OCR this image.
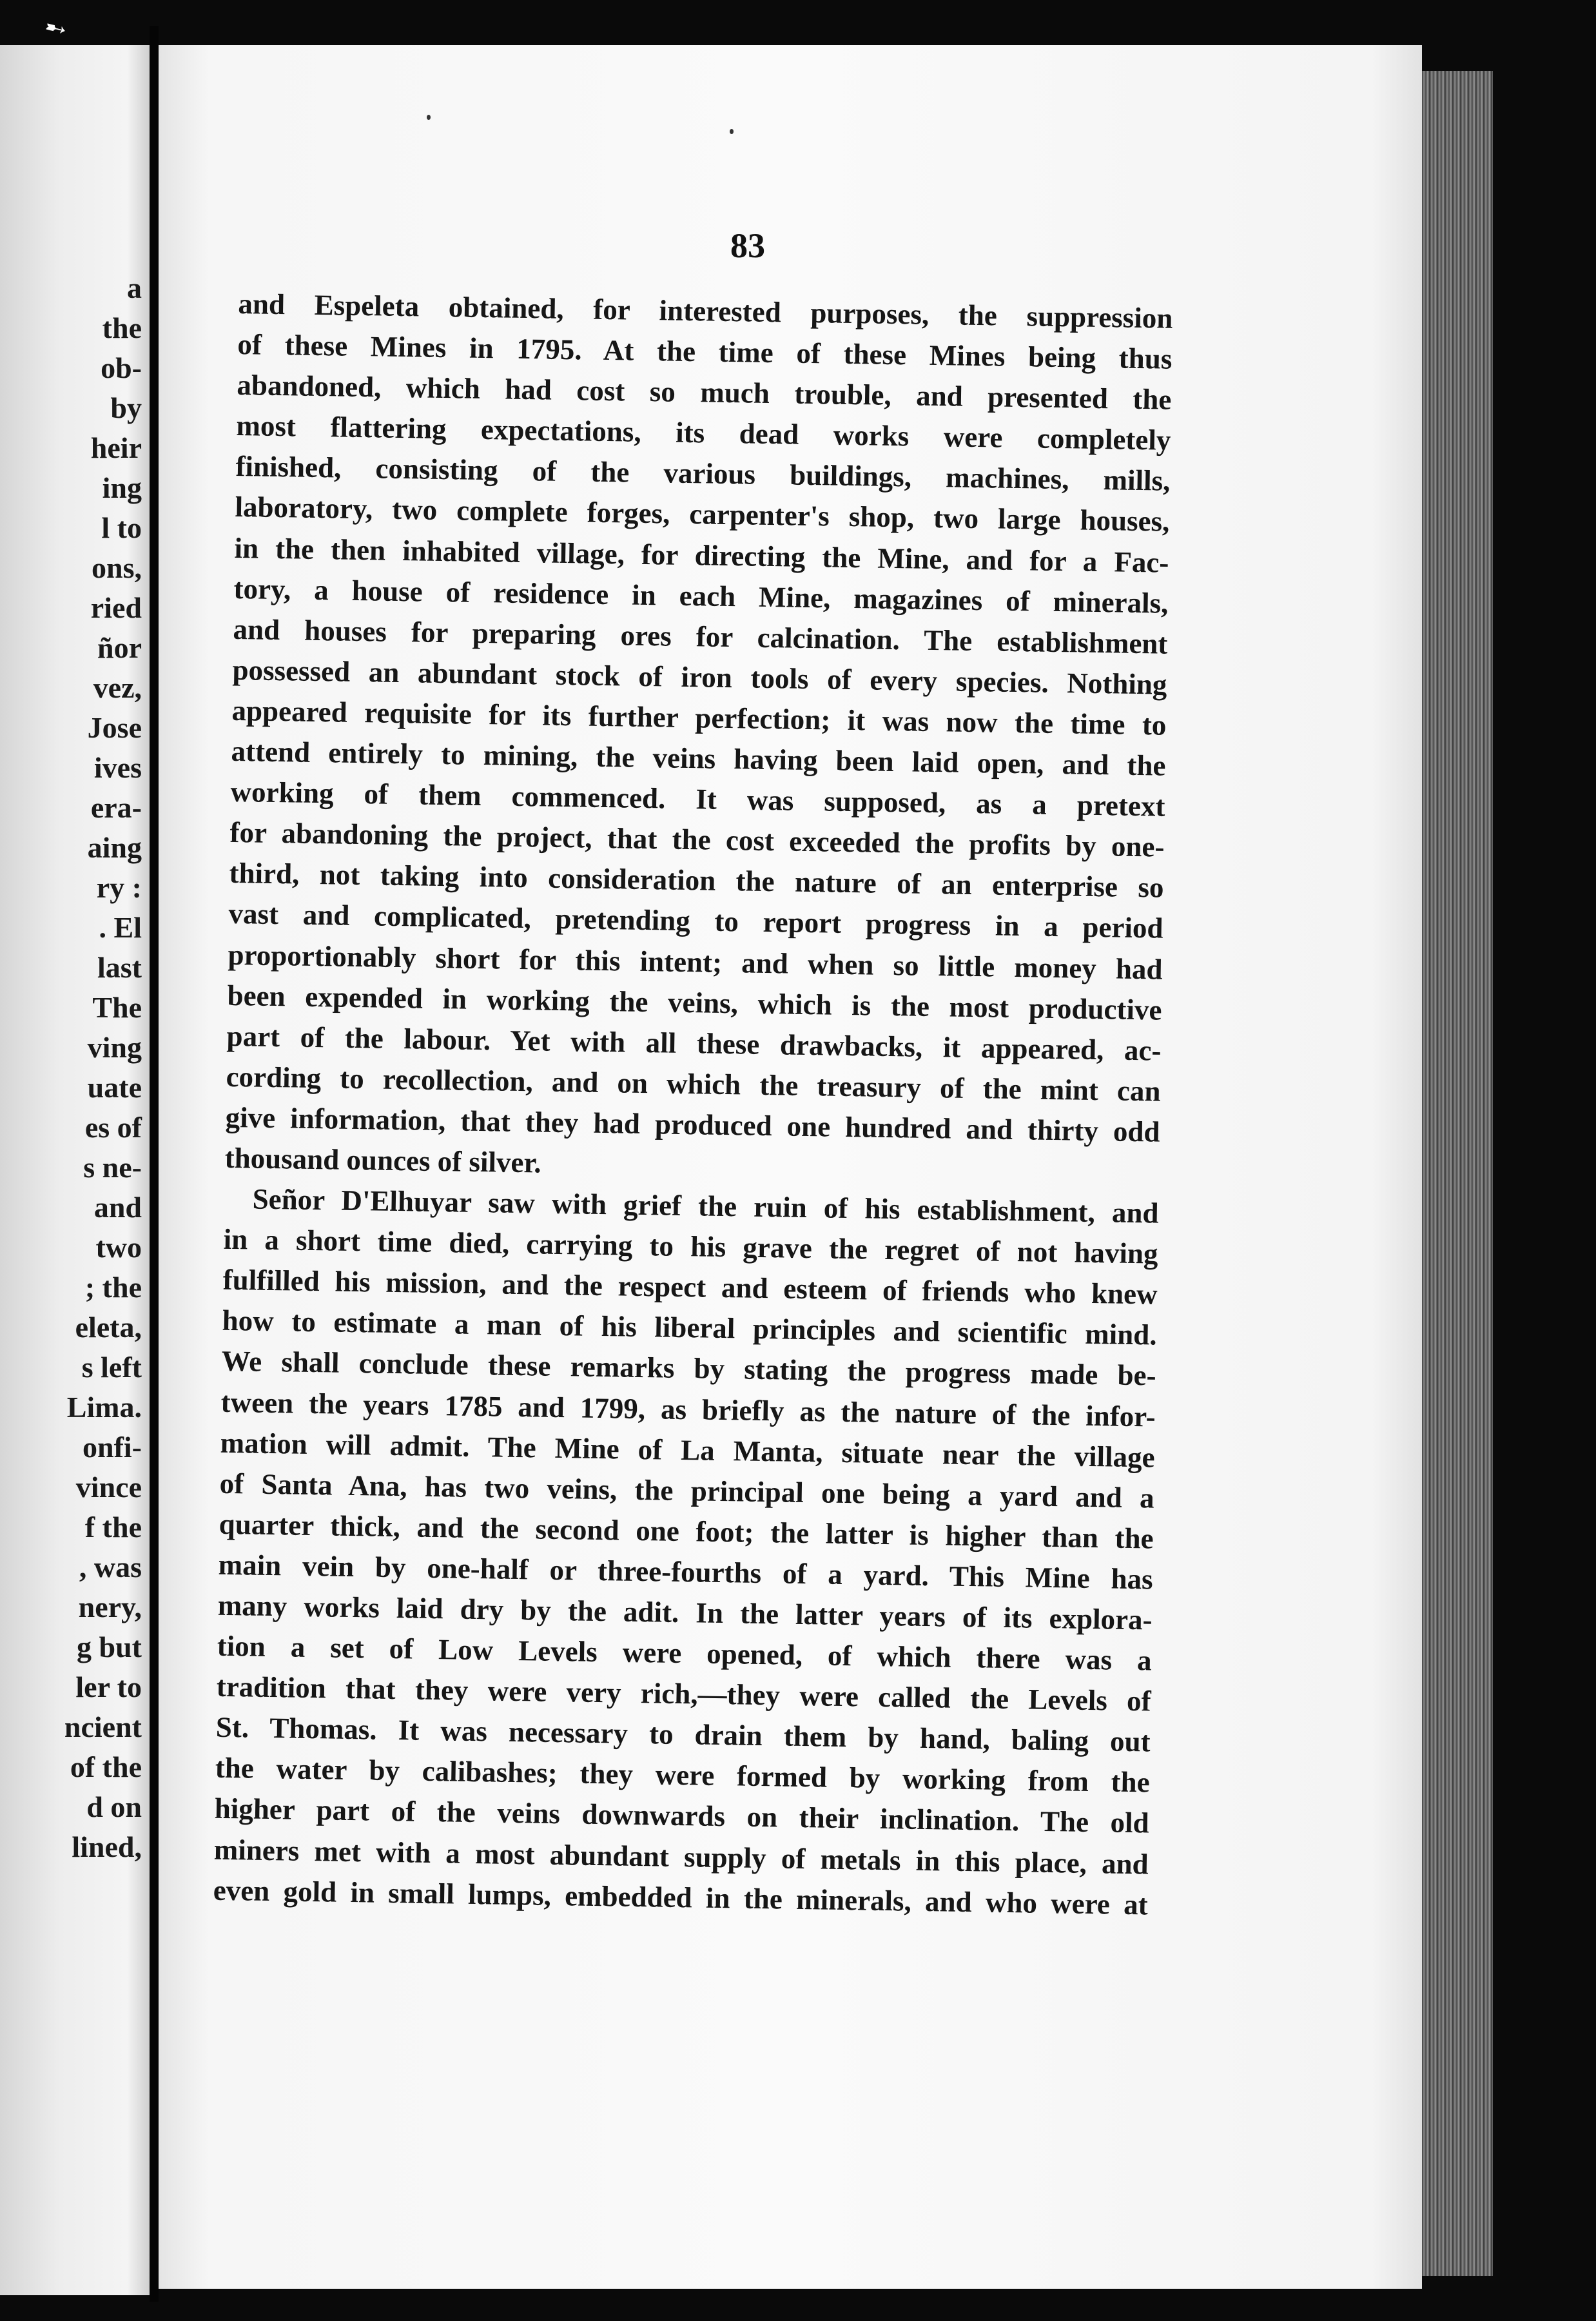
➸
a
the
ob-
by
heir
ing
l to
ons,
ried
ñor
vez,
Jose
ives
era-
aing
ry :
. El
last
The
ving
uate
es of
s ne-
and
two
; the
eleta,
s left
Lima.
onfi-
vince
f the
, was
nery,
g but
ler to
ncient
of the
d on
lined,
83
and Espeleta obtained, for interested purposes, the suppression
of these Mines in 1795. At the time of these Mines being thus
abandoned, which had cost so much trouble, and presented the
most flattering expectations, its dead works were completely
finished, consisting of the various buildings, machines, mills,
laboratory, two complete forges, carpenter's shop, two large houses,
in the then inhabited village, for directing the Mine, and for a Fac-
tory, a house of residence in each Mine, magazines of minerals,
and houses for preparing ores for calcination. The establishment
possessed an abundant stock of iron tools of every species. Nothing
appeared requisite for its further perfection; it was now the time to
attend entirely to mining, the veins having been laid open, and the
working of them commenced. It was supposed, as a pretext
for abandoning the project, that the cost exceeded the profits by one-
third, not taking into consideration the nature of an enterprise so
vast and complicated, pretending to report progress in a period
proportionably short for this intent; and when so little money had
been expended in working the veins, which is the most productive
part of the labour. Yet with all these drawbacks, it appeared, ac-
cording to recollection, and on which the treasury of the mint can
give information, that they had produced one hundred and thirty odd
thousand ounces of silver.
Señor D'Elhuyar saw with grief the ruin of his establishment, and
in a short time died, carrying to his grave the regret of not having
fulfilled his mission, and the respect and esteem of friends who knew
how to estimate a man of his liberal principles and scientific mind.
We shall conclude these remarks by stating the progress made be-
tween the years 1785 and 1799, as briefly as the nature of the infor-
mation will admit. The Mine of La Manta, situate near the village
of Santa Ana, has two veins, the principal one being a yard and a
quarter thick, and the second one foot; the latter is higher than the
main vein by one-half or three-fourths of a yard. This Mine has
many works laid dry by the adit. In the latter years of its explora-
tion a set of Low Levels were opened, of which there was a
tradition that they were very rich,—they were called the Levels of
St. Thomas. It was necessary to drain them by hand, baling out
the water by calibashes; they were formed by working from the
higher part of the veins downwards on their inclination. The old
miners met with a most abundant supply of metals in this place, and
even gold in small lumps, embedded in the minerals, and who were at
